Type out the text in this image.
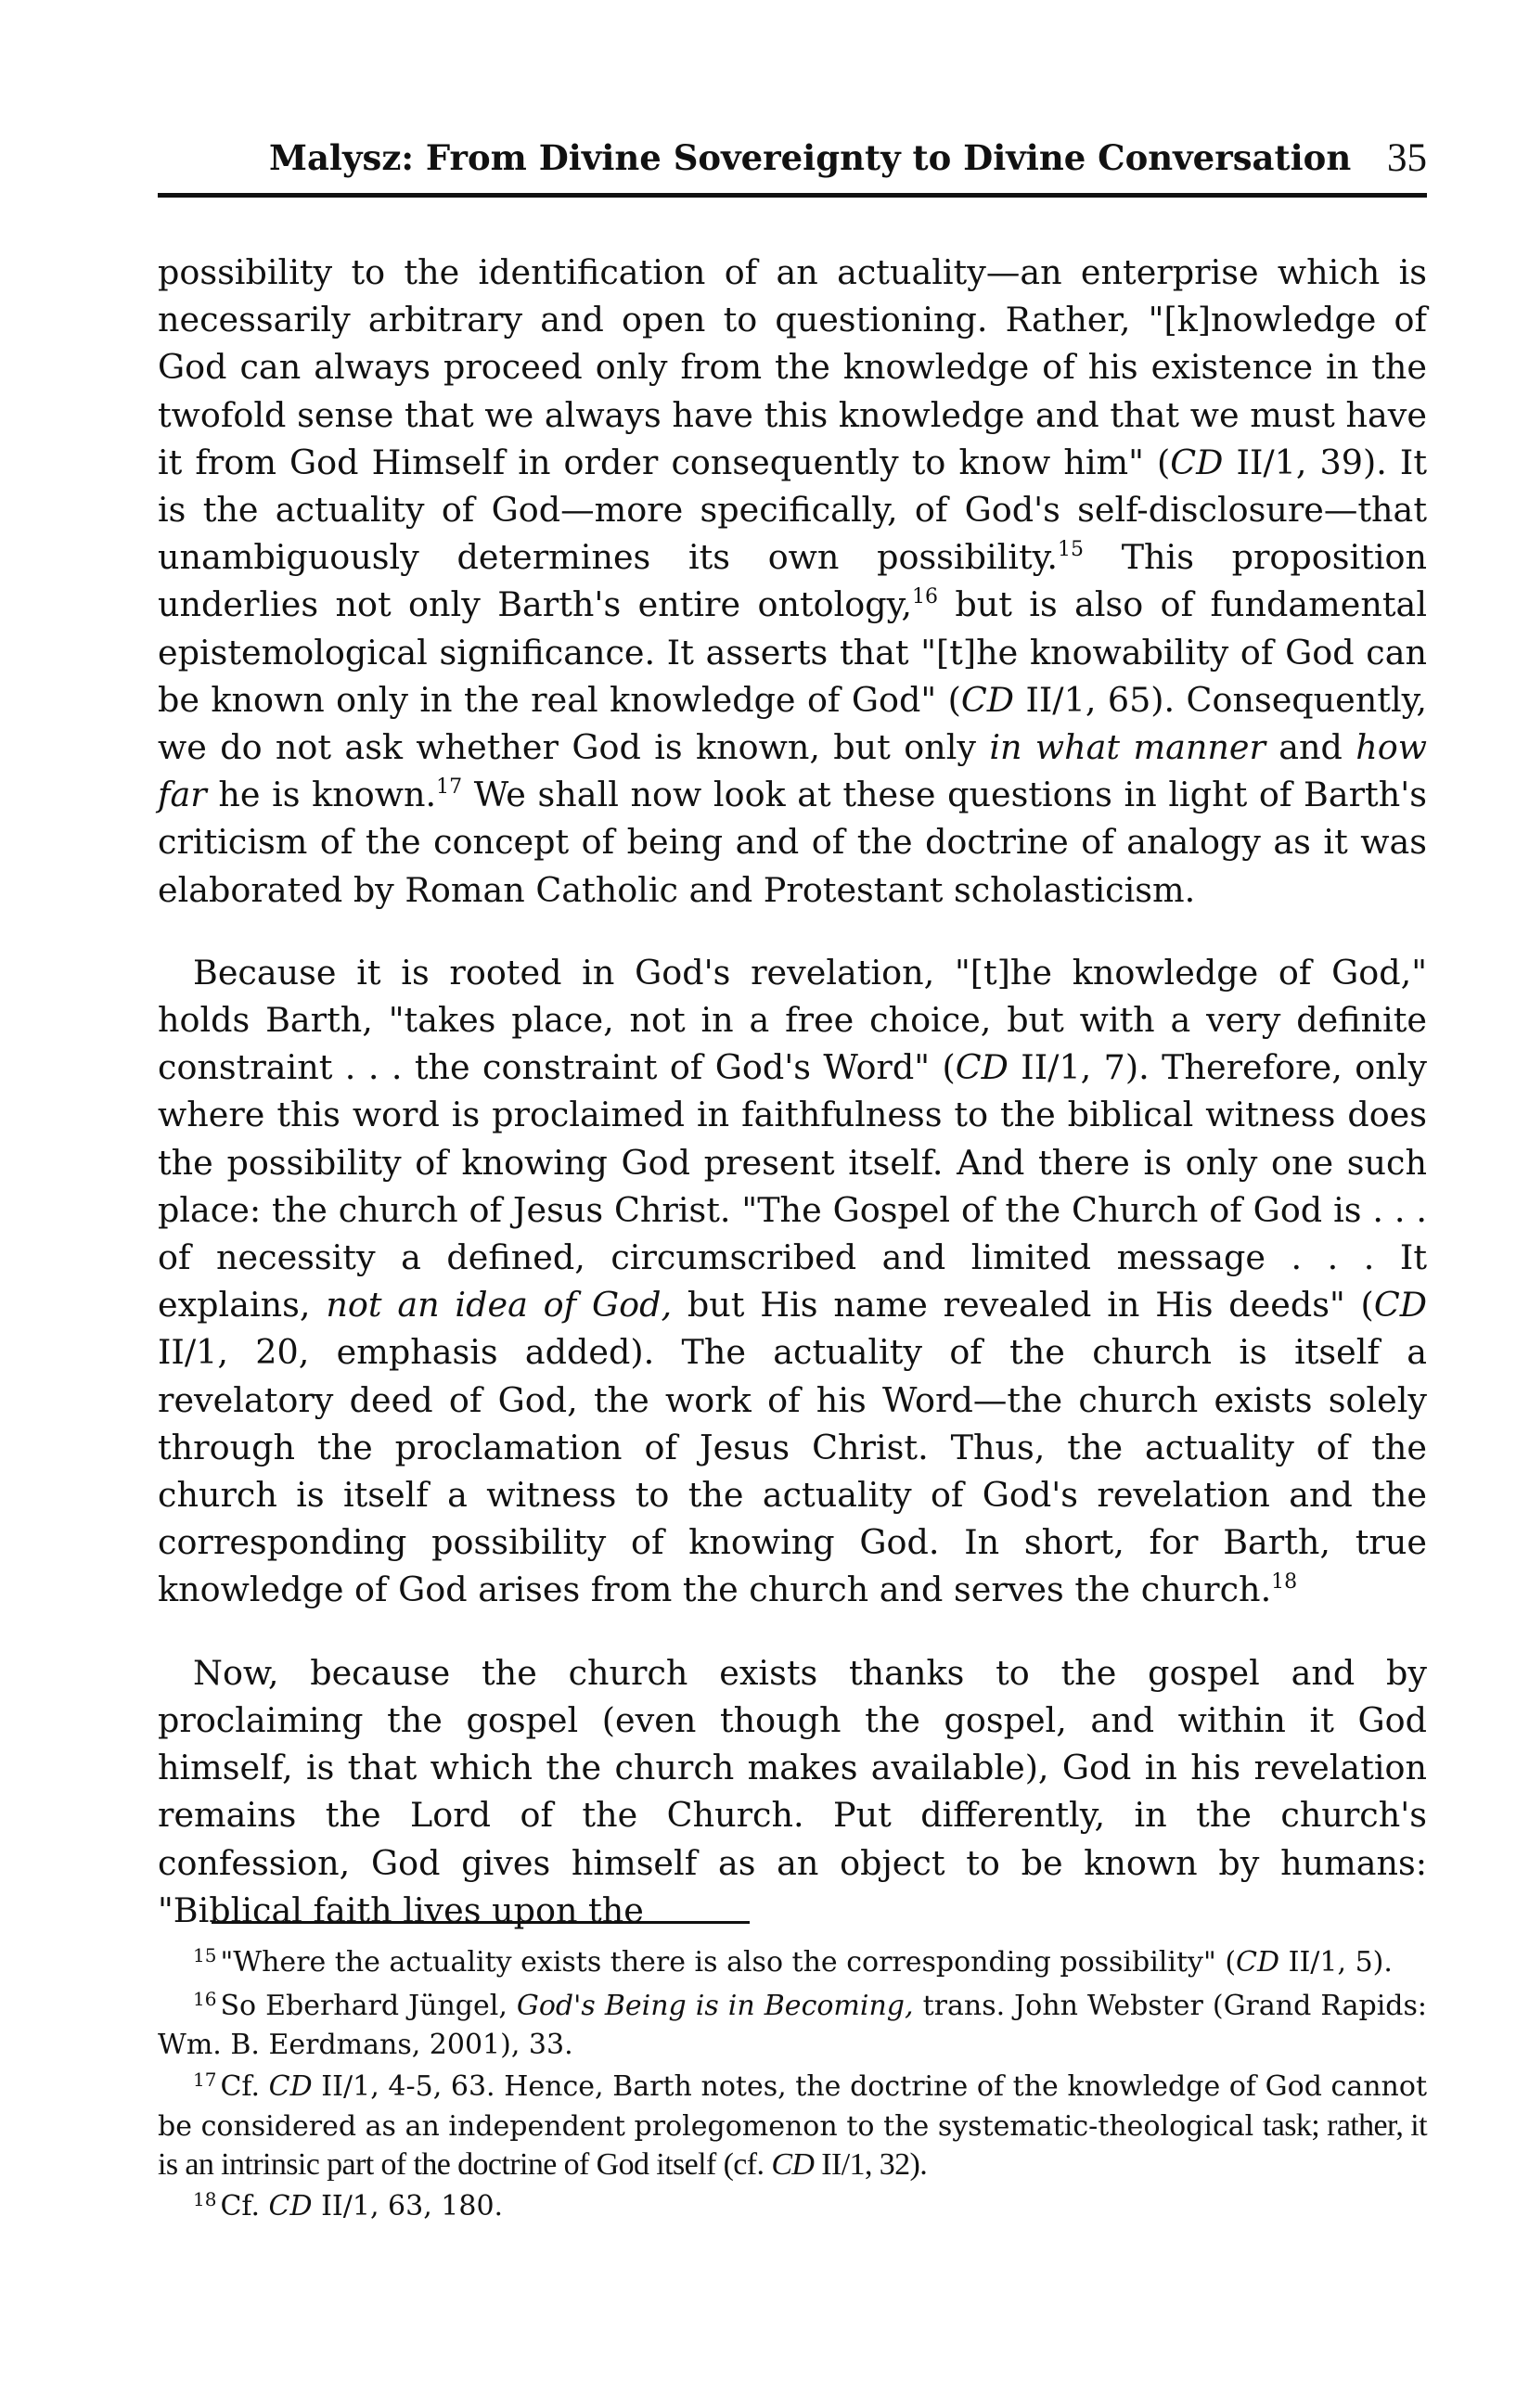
Malysz: From Divine Sovereignty to Divine Conversation 35

possibility to the identification of an actuality—an enterprise which is necessarily arbitrary and open to questioning. Rather, "[k]nowledge of God can always proceed only from the knowledge of his existence in the twofold sense that we always have this knowledge and that we must have it from God Himself in order consequently to know him" (CD II/1, 39). It is the actuality of God—more specifically, of God's self-disclosure—that unambiguously determines its own possibility.$^{15}$ This proposition underlies not only Barth's entire ontology,$^{16}$ but is also of fundamental epistemological significance. It asserts that "[t]he knowability of God can be known only in the real knowledge of God" (CD II/1, 65). Consequently, we do not ask whether God is known, but only in what manner and how far he is known.$^{17}$ We shall now look at these questions in light of Barth's criticism of the concept of being and of the doctrine of analogy as it was elaborated by Roman Catholic and Protestant scholasticism.

Because it is rooted in God's revelation, "[t]he knowledge of God," holds Barth, "takes place, not in a free choice, but with a very definite constraint . . . the constraint of God's Word" (CD II/1, 7). Therefore, only where this word is proclaimed in faithfulness to the biblical witness does the possibility of knowing God present itself. And there is only one such place: the church of Jesus Christ. "The Gospel of the Church of God is . . . of necessity a defined, circumscribed and limited message . . . It explains, not an idea of God, but His name revealed in His deeds" (CD II/1, 20, emphasis added). The actuality of the church is itself a revelatory deed of God, the work of his Word—the church exists solely through the proclamation of Jesus Christ. Thus, the actuality of the church is itself a witness to the actuality of God's revelation and the corresponding possibility of knowing God. In short, for Barth, true knowledge of God arises from the church and serves the church.$^{18}$

Now, because the church exists thanks to the gospel and by proclaiming the gospel (even though the gospel, and within it God himself, is that which the church makes available), God in his revelation remains the Lord of the Church. Put differently, in the church's confession, God gives himself as an object to be known by humans: "Biblical faith lives upon the

$^{15}$ "Where the actuality exists there is also the corresponding possibility" (CD II/1, 5).

$^{16}$ So Eberhard Jüngel, God's Being is in Becoming, trans. John Webster (Grand Rapids: Wm. B. Eerdmans, 2001), 33.

$^{17}$ Cf. CD II/1, 4-5, 63. Hence, Barth notes, the doctrine of the knowledge of God cannot be considered as an independent prolegomenon to the systematic-theological task; rather, it is an intrinsic part of the doctrine of God itself (cf. CD II/1, 32).

$^{18}$ Cf. CD II/1, 63, 180.
